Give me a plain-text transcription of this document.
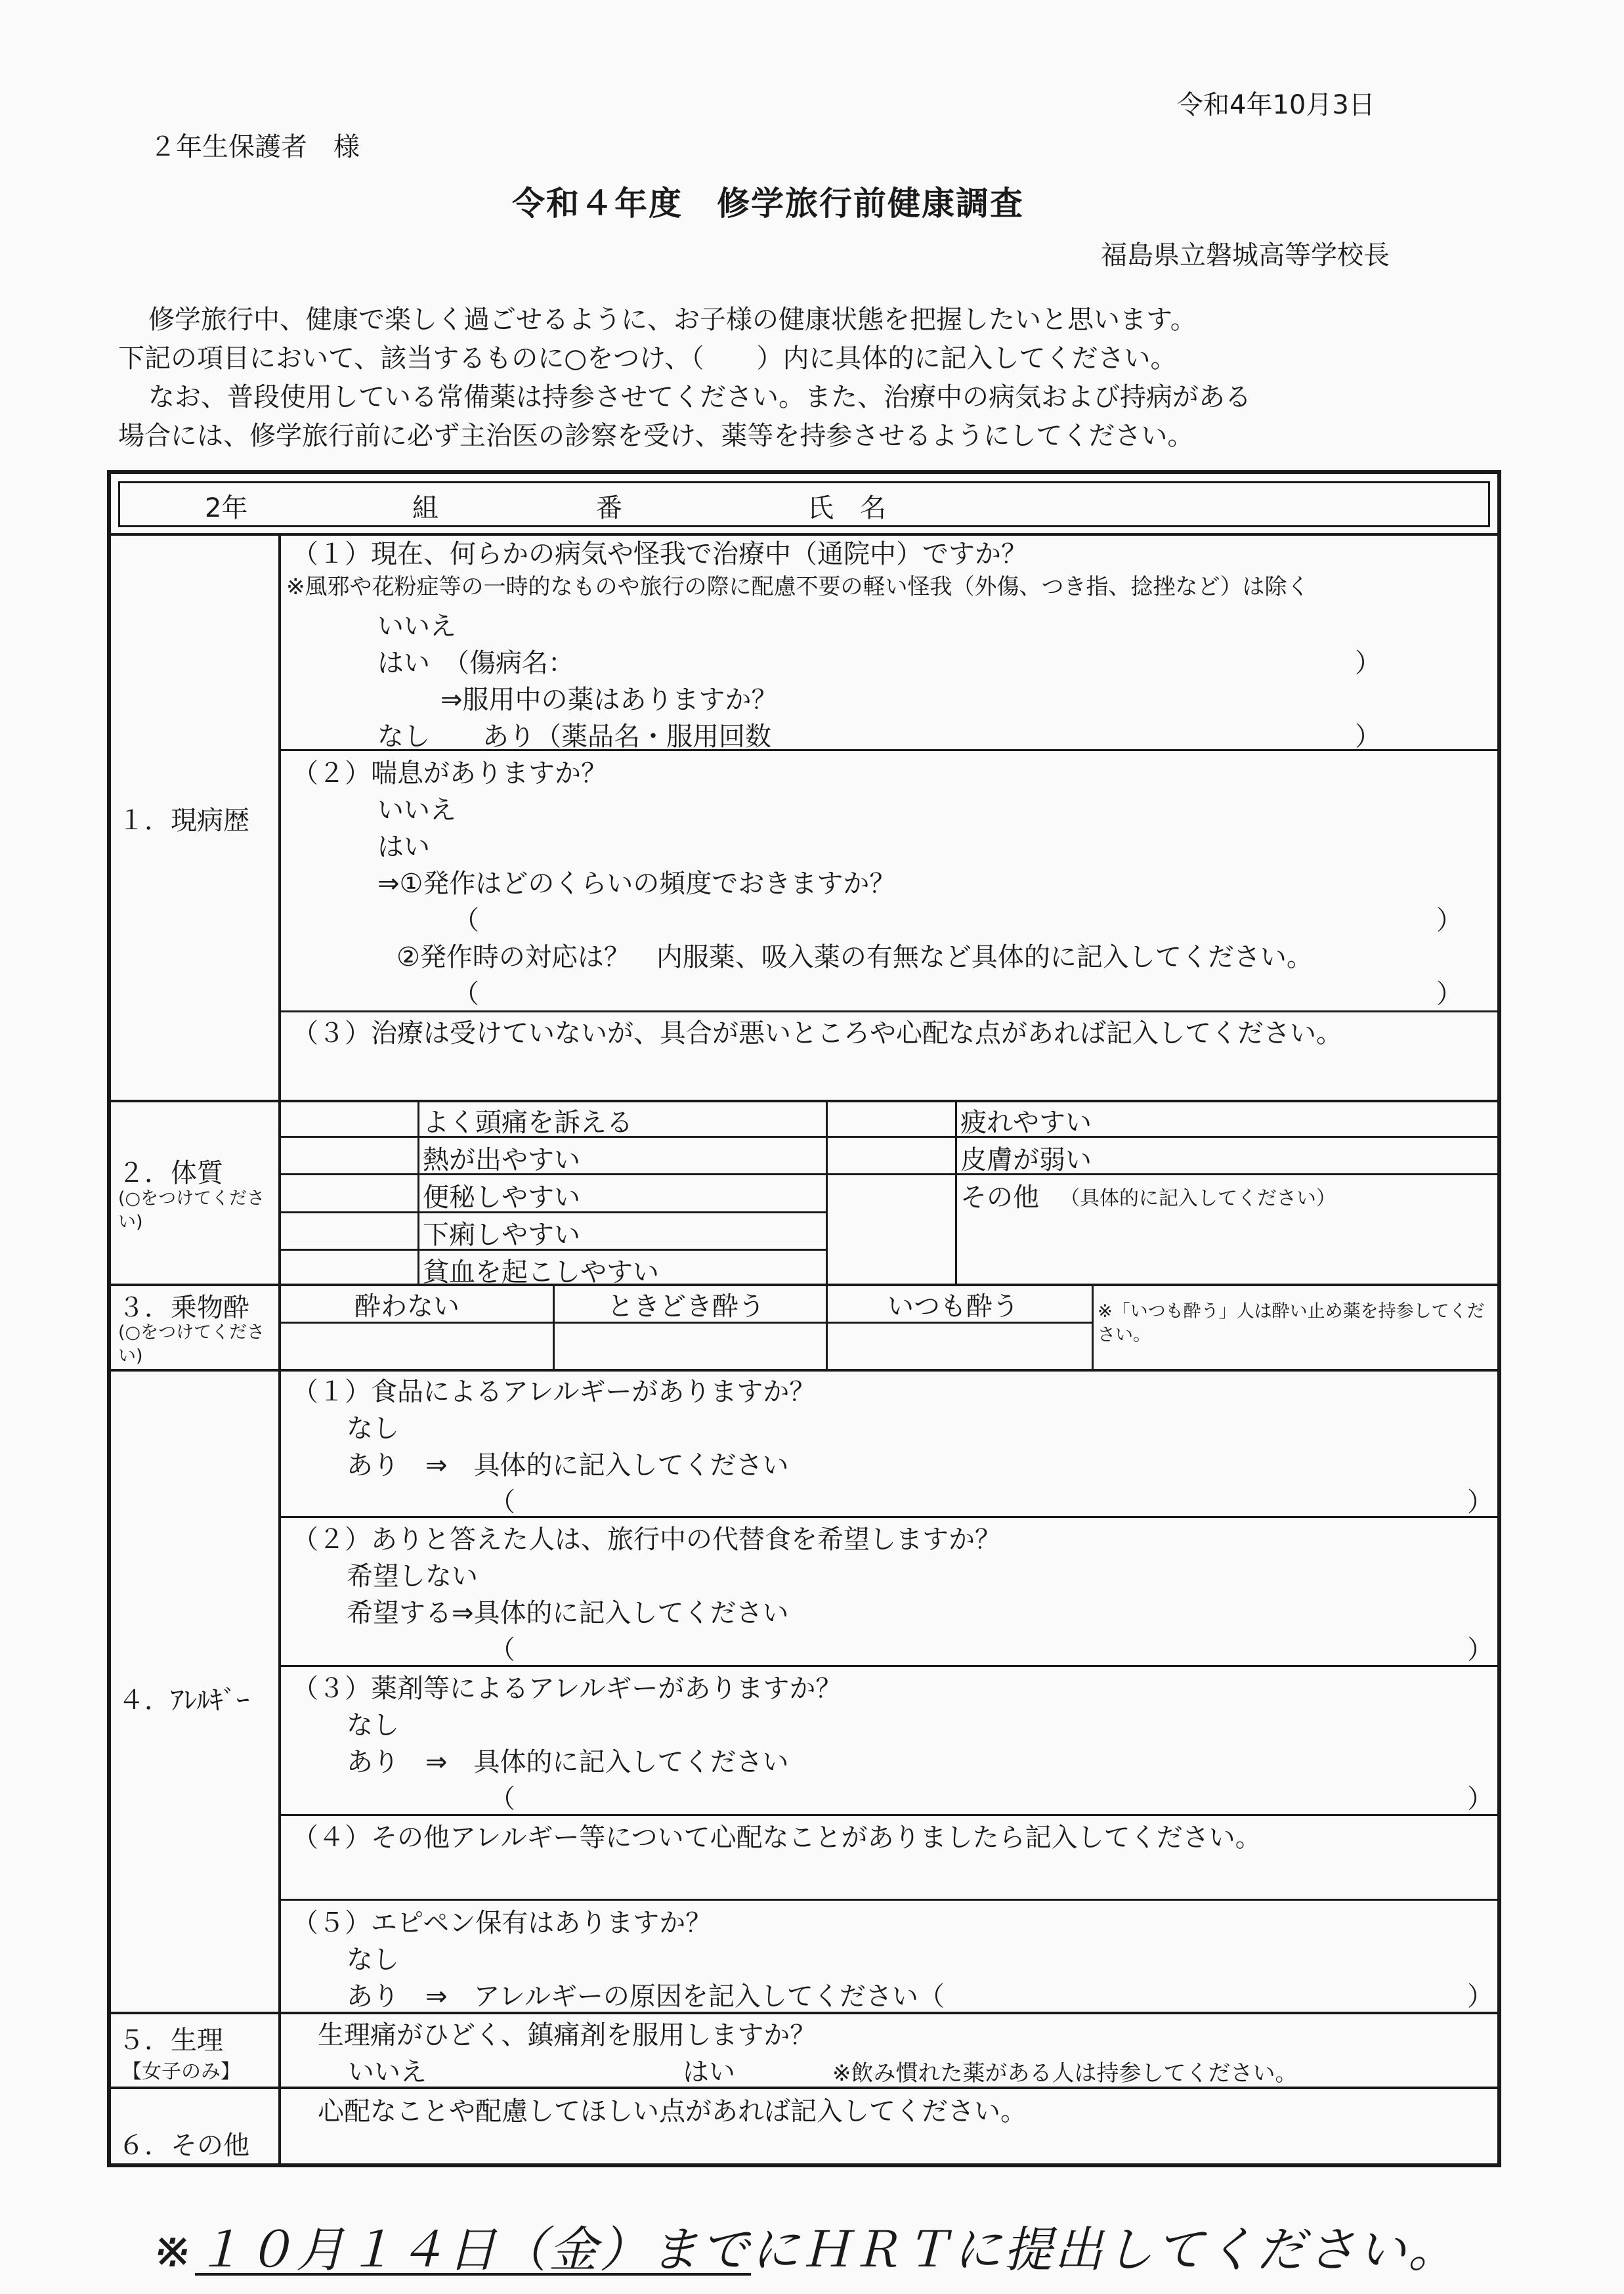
令和4年10月3日
２年生保護者　様
令和４年度　修学旅行前健康調査
福島県立磐城高等学校長
修学旅行中、健康で楽しく過ごせるように、お子様の健康状態を把握したいと思います。
下記の項目において、該当するものに○をつけ、（　　）内に具体的に記入してください。
なお、普段使用している常備薬は持参させてください。また、治療中の病気および持病がある
場合には、修学旅行前に必ず主治医の診察を受け、薬等を持参させるようにしてください。
2年	組	番	氏　名
１．現病歴
（１）現在、何らかの病気や怪我で治療中（通院中）ですか？
※風邪や花粉症等の一時的なものや旅行の際に配慮不要の軽い怪我（外傷、つき指、捻挫など）は除く
いいえ
はい　（傷病名：	）
⇒服用中の薬はありますか？
なし　　あり（薬品名・服用回数	）
（２）喘息がありますか？
いいえ
はい
⇒①発作はどのくらいの頻度でおきますか？
（	）
②発作時の対応は？　内服薬、吸入薬の有無など具体的に記入してください。
（	）
（３）治療は受けていないが、具合が悪いところや心配な点があれば記入してください。
２．体質
(○をつけてください)
よく頭痛を訴える
熱が出やすい
便秘しやすい
下痢しやすい
貧血を起こしやすい
疲れやすい
皮膚が弱い
その他 （具体的に記入してください）
３．乗物酔
(○をつけてください)
酔わない	ときどき酔う	いつも酔う	※「いつも酔う」人は酔い止め薬を持参してください。
４．ｱﾚﾙｷﾞｰ
（１）食品によるアレルギーがありますか？
なし
あり　⇒　具体的に記入してください
（	）
（２）ありと答えた人は、旅行中の代替食を希望しますか？
希望しない
希望する⇒具体的に記入してください
（	）
（３）薬剤等によるアレルギーがありますか？
なし
あり　⇒　具体的に記入してください
（	）
（４）その他アレルギー等について心配なことがありましたら記入してください。
（５）エピペン保有はありますか？
なし
あり　⇒　アレルギーの原因を記入してください（	）
５．生理
【女子のみ】
生理痛がひどく、鎮痛剤を服用しますか？
いいえ	はい	※飲み慣れた薬がある人は持参してください。
６．その他
心配なことや配慮してほしい点があれば記入してください。
※１０月１４日（金）までにＨＲＴに提出してください。
